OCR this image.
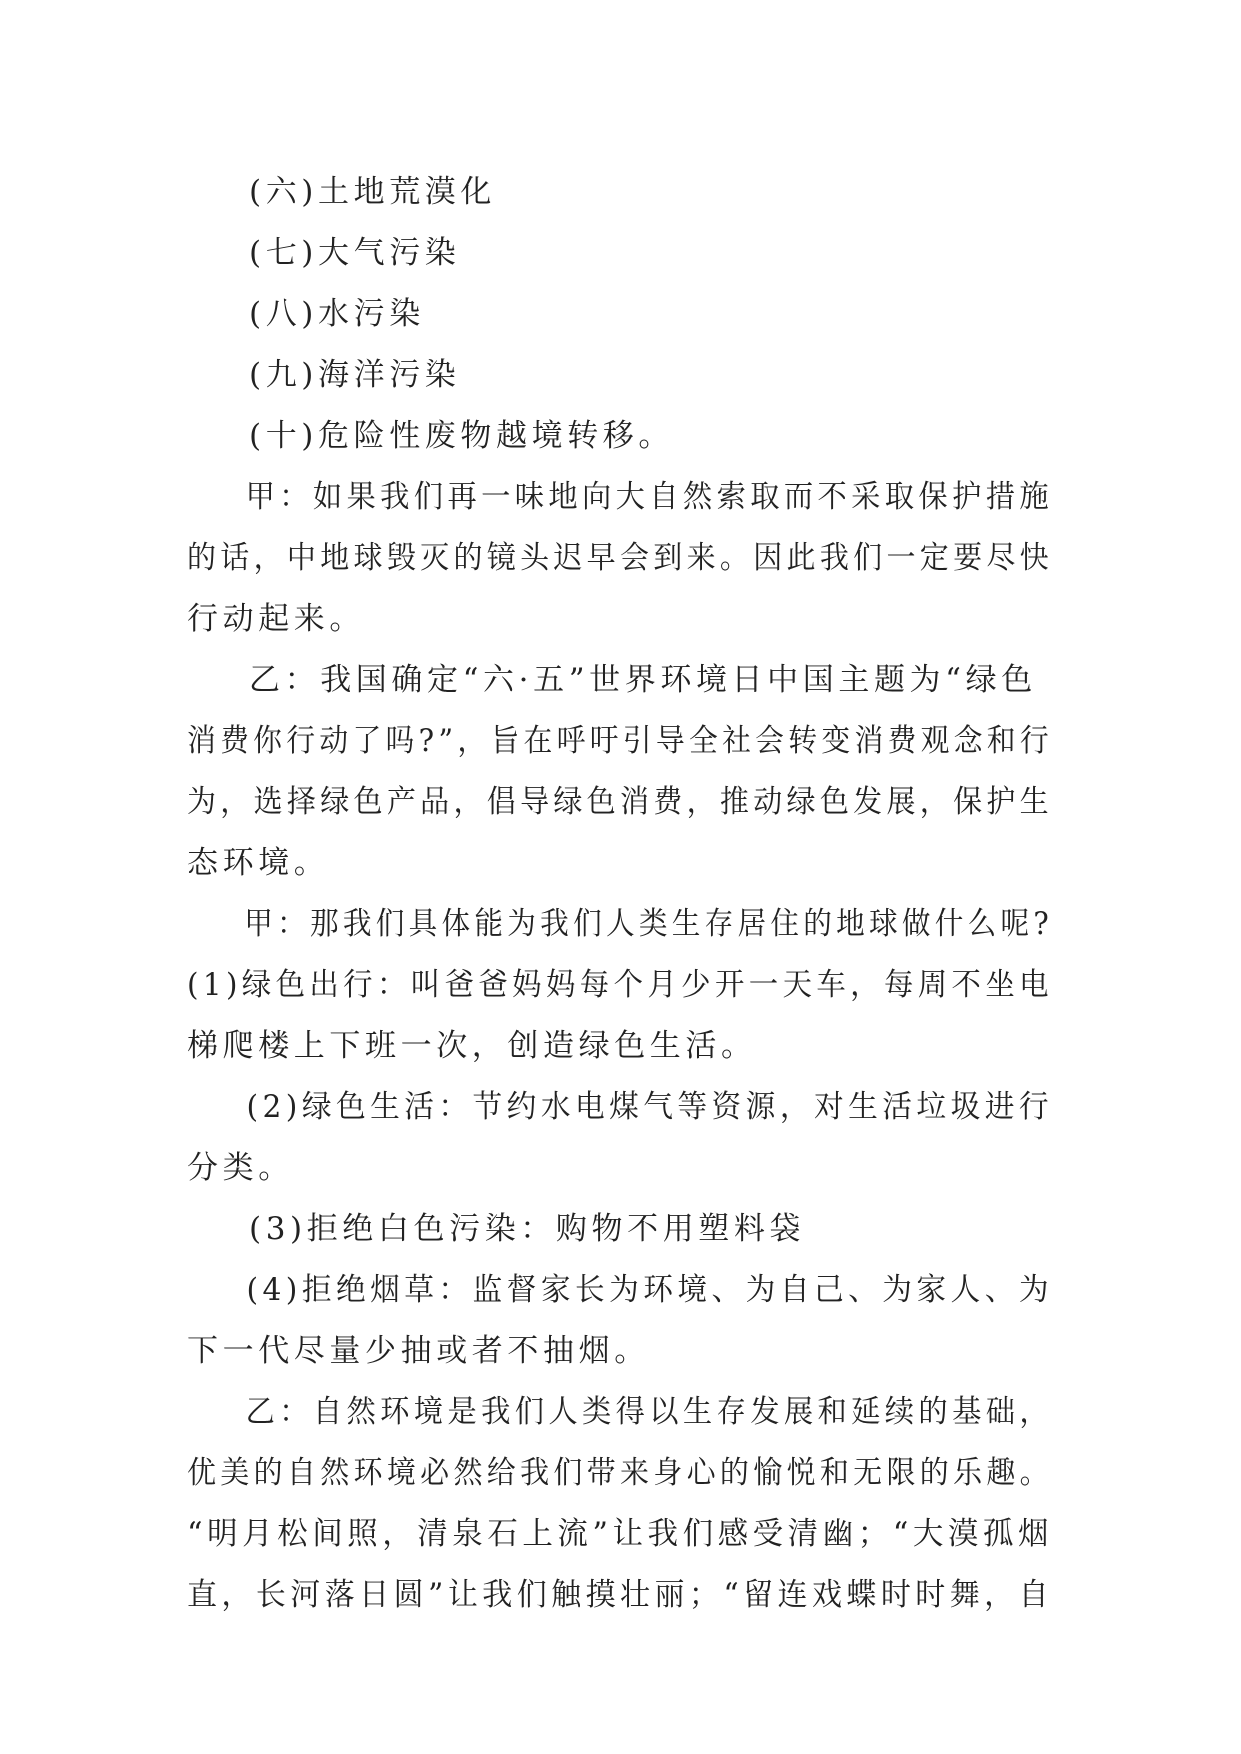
(六)土地荒漠化
(七)大气污染
(八)水污染
(九)海洋污染
(十)危险性废物越境转移。
甲：如果我们再一味地向大自然索取而不采取保护措施
的话，中地球毁灭的镜头迟早会到来。因此我们一定要尽快
行动起来。
乙：我国确定“六·五”世界环境日中国主题为“绿色
消费你行动了吗?”，旨在呼吁引导全社会转变消费观念和行
为，选择绿色产品，倡导绿色消费，推动绿色发展，保护生
态环境。
甲：那我们具体能为我们人类生存居住的地球做什么呢?
(1)绿色出行：叫爸爸妈妈每个月少开一天车，每周不坐电
梯爬楼上下班一次，创造绿色生活。
(2)绿色生活：节约水电煤气等资源，对生活垃圾进行
分类。
(3)拒绝白色污染：购物不用塑料袋
(4)拒绝烟草：监督家长为环境、为自己、为家人、为
下一代尽量少抽或者不抽烟。
乙：自然环境是我们人类得以生存发展和延续的基础，
优美的自然环境必然给我们带来身心的愉悦和无限的乐趣。
“明月松间照，清泉石上流”让我们感受清幽；“大漠孤烟
直，长河落日圆”让我们触摸壮丽；“留连戏蝶时时舞，自
